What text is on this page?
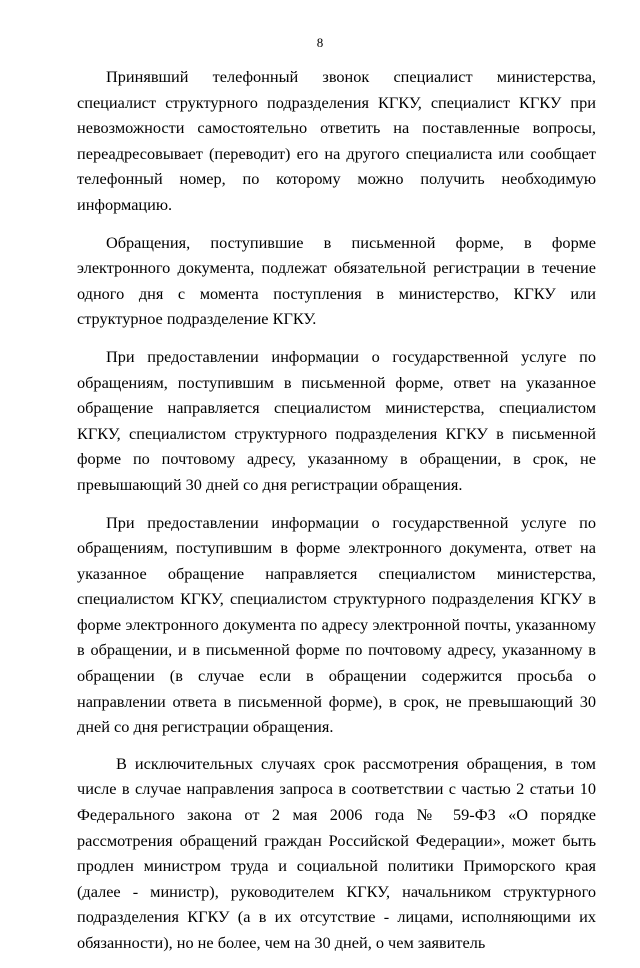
8

Принявший телефонный звонок специалист министерства, специалист структурного подразделения КГКУ, специалист КГКУ при невозможности самостоятельно ответить на поставленные вопросы, переадресовывает (переводит) его на другого специалиста или сообщает телефонный номер, по которому можно получить необходимую информацию.

Обращения, поступившие в письменной форме, в форме электронного документа, подлежат обязательной регистрации в течение одного дня с момента поступления в министерство, КГКУ или структурное подразделение КГКУ.

При предоставлении информации о государственной услуге по обращениям, поступившим в письменной форме, ответ на указанное обращение направляется специалистом министерства, специалистом КГКУ, специалистом структурного подразделения КГКУ в письменной форме по почтовому адресу, указанному в обращении, в срок, не превышающий 30 дней со дня регистрации обращения.

При предоставлении информации о государственной услуге по обращениям, поступившим в форме электронного документа, ответ на указанное обращение направляется специалистом министерства, специалистом КГКУ, специалистом структурного подразделения КГКУ в форме электронного документа по адресу электронной почты, указанному в обращении, и в письменной форме по почтовому адресу, указанному в обращении (в случае если в обращении содержится просьба о направлении ответа в письменной форме), в срок, не превышающий 30 дней со дня регистрации обращения.

В исключительных случаях срок рассмотрения обращения, в том числе в случае направления запроса в соответствии с частью 2 статьи 10 Федерального закона от 2 мая 2006 года № 59-ФЗ «О порядке рассмотрения обращений граждан Российской Федерации», может быть продлен министром труда и социальной политики Приморского края (далее - министр), руководителем КГКУ, начальником структурного подразделения КГКУ (а в их отсутствие - лицами, исполняющими их обязанности), но не более, чем на 30 дней, о чем заявитель
